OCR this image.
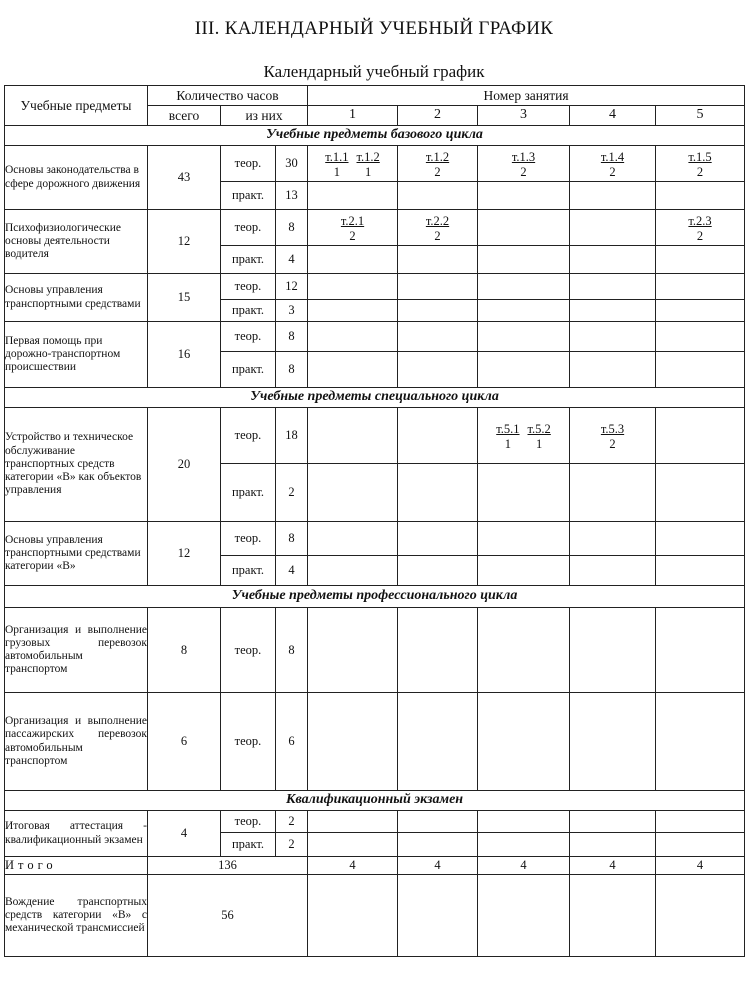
III. КАЛЕНДАРНЫЙ УЧЕБНЫЙ ГРАФИК
Календарный учебный график
Учебные предметы	Количество часов			Номер занятия				
	всего	из них		1	2	3	4	5
Учебные предметы базового цикла								
Основы законодательства в сфере дорожного движения	43	теор.	30	$\frac{т.1.1}{1} \frac{т.1.2}{1}$	$\frac{т.1.2}{2}$	$\frac{т.1.3}{2}$	$\frac{т.1.4}{2}$	$\frac{т.1.5}{2}$

		практ.	13					
Психофизиологические основы деятельности водителя	12	теор.	8	$\frac{т.2.1}{2}$	$\frac{т.2.2}{2}$			$\frac{т.2.3}{2}$

		практ.	4					
Основы управления транспортными средствами	15	теор.	12					
		практ.	3					
Первая помощь при дорожно-транспортном происшествии	16	теор.	8					
		практ.	8					
Учебные предметы специального цикла								
Устройство и техническое обслуживание транспортных средств категории «В» как объектов управления	20	теор.	18			$\frac{т.5.1}{1} \frac{т.5.2}{1}$	$\frac{т.5.3}{2}$

		практ.	2					
Основы управления транспортными средствами категории «В»	12	теор.	8					
		практ.	4					
Учебные предметы профессионального цикла								
Организация и выполнение грузовых перевозок автомобильным транспортом	8	теор.	8					
Организация и выполнение пассажирских перевозок автомобильным транспортом	6	теор.	6					
Квалификационный экзамен								
Итоговая аттестация - квалификационный экзамен	4	теор.	2					
		практ.	2					
Итого	136			4	4	4	4	4
Вождение транспортных средств категории «В» с механической трансмиссией	56							
